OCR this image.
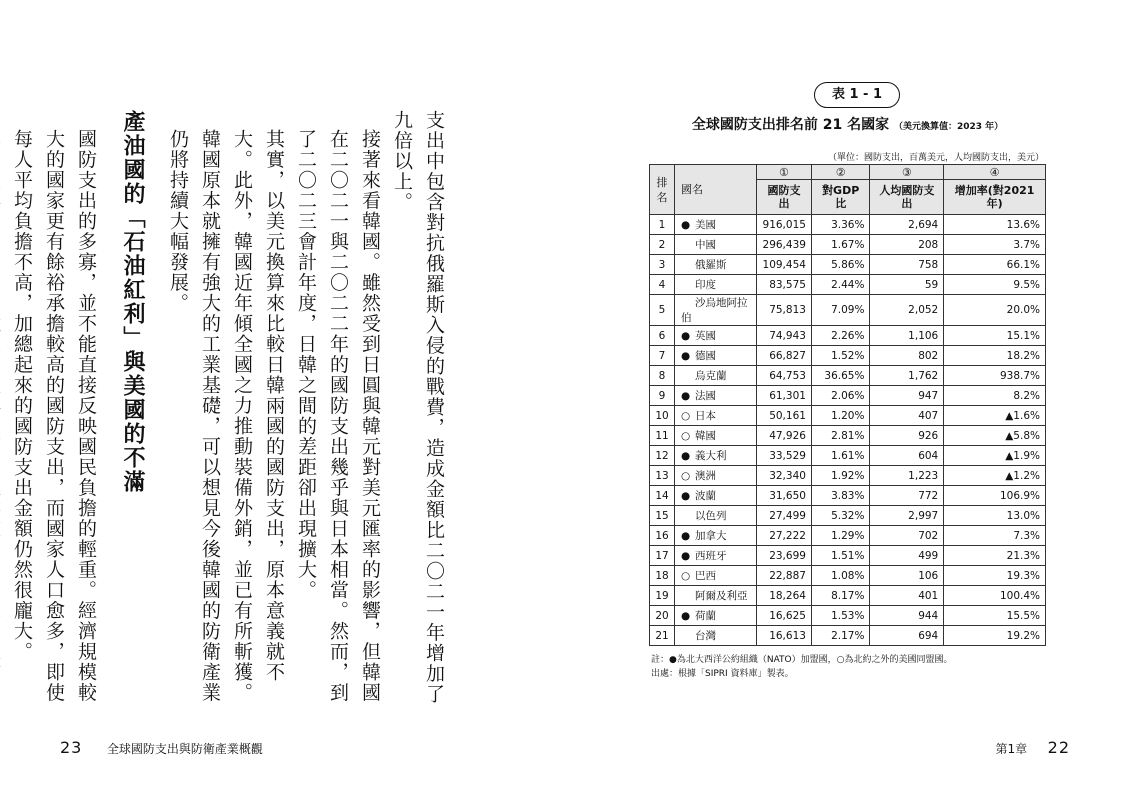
支出中包含對抗俄羅斯入侵的戰費，造成金額比二〇二一年增加了九倍以上。

接著來看韓國。雖然受到日圓與韓元對美元匯率的影響，但韓國在二〇二一與二〇二二年的國防支出幾乎與日本相當。然而，到了二〇二三會計年度，日韓之間的差距卻出現擴大。

其實，以美元換算來比較日韓兩國的國防支出，原本意義就不大。此外，韓國近年傾全國之力推動裝備外銷，並已有所斬獲。韓國原本就擁有強大的工業基礎，可以想見今後韓國的防衛產業仍將持續大幅發展。

產油國的「石油紅利」與美國的不滿

國防支出的多寡，並不能直接反映國民負擔的輕重。經濟規模較大的國家更有餘裕承擔較高的國防支出，而國家人口愈多，即使每人平均負擔不高，加總起來的國防支出金額仍然很龐大。

23 全球國防支出與防衛產業概觀
表 1 - 1
全球國防支出排名前 21 名國家 （美元換算值：2023 年）
（單位：國防支出，百萬美元，人均國防支出，美元）
排
名	國名	①	②	③	④
		國防支出	對GDP比	人均國防支出	增加率(對2021年)
1	● 美國	916,015	3.36%	2,694	13.6%
2	中國	296,439	1.67%	208	3.7%
3	俄羅斯	109,454	5.86%	758	66.1%
4	印度	83,575	2.44%	59	9.5%
5	沙烏地阿拉伯	75,813	7.09%	2,052	20.0%
6	● 英國	74,943	2.26%	1,106	15.1%
7	● 德國	66,827	1.52%	802	18.2%
8	烏克蘭	64,753	36.65%	1,762	938.7%
9	● 法國	61,301	2.06%	947	8.2%
10	○ 日本	50,161	1.20%	407	▲1.6%
11	○ 韓國	47,926	2.81%	926	▲5.8%
12	● 義大利	33,529	1.61%	604	▲1.9%
13	○ 澳洲	32,340	1.92%	1,223	▲1.2%
14	● 波蘭	31,650	3.83%	772	106.9%
15	以色列	27,499	5.32%	2,997	13.0%
16	● 加拿大	27,222	1.29%	702	7.3%
17	● 西班牙	23,699	1.51%	499	21.3%
18	○ 巴西	22,887	1.08%	106	19.3%
19	阿爾及利亞	18,264	8.17%	401	100.4%
20	● 荷蘭	16,625	1.53%	944	15.5%
21	台灣	16,613	2.17%	694	19.2%
註：●為北大西洋公約組織（NATO）加盟國，○為北約之外的美國同盟國。
出處：根據「SIPRI 資料庫」製表。
第1章 22
